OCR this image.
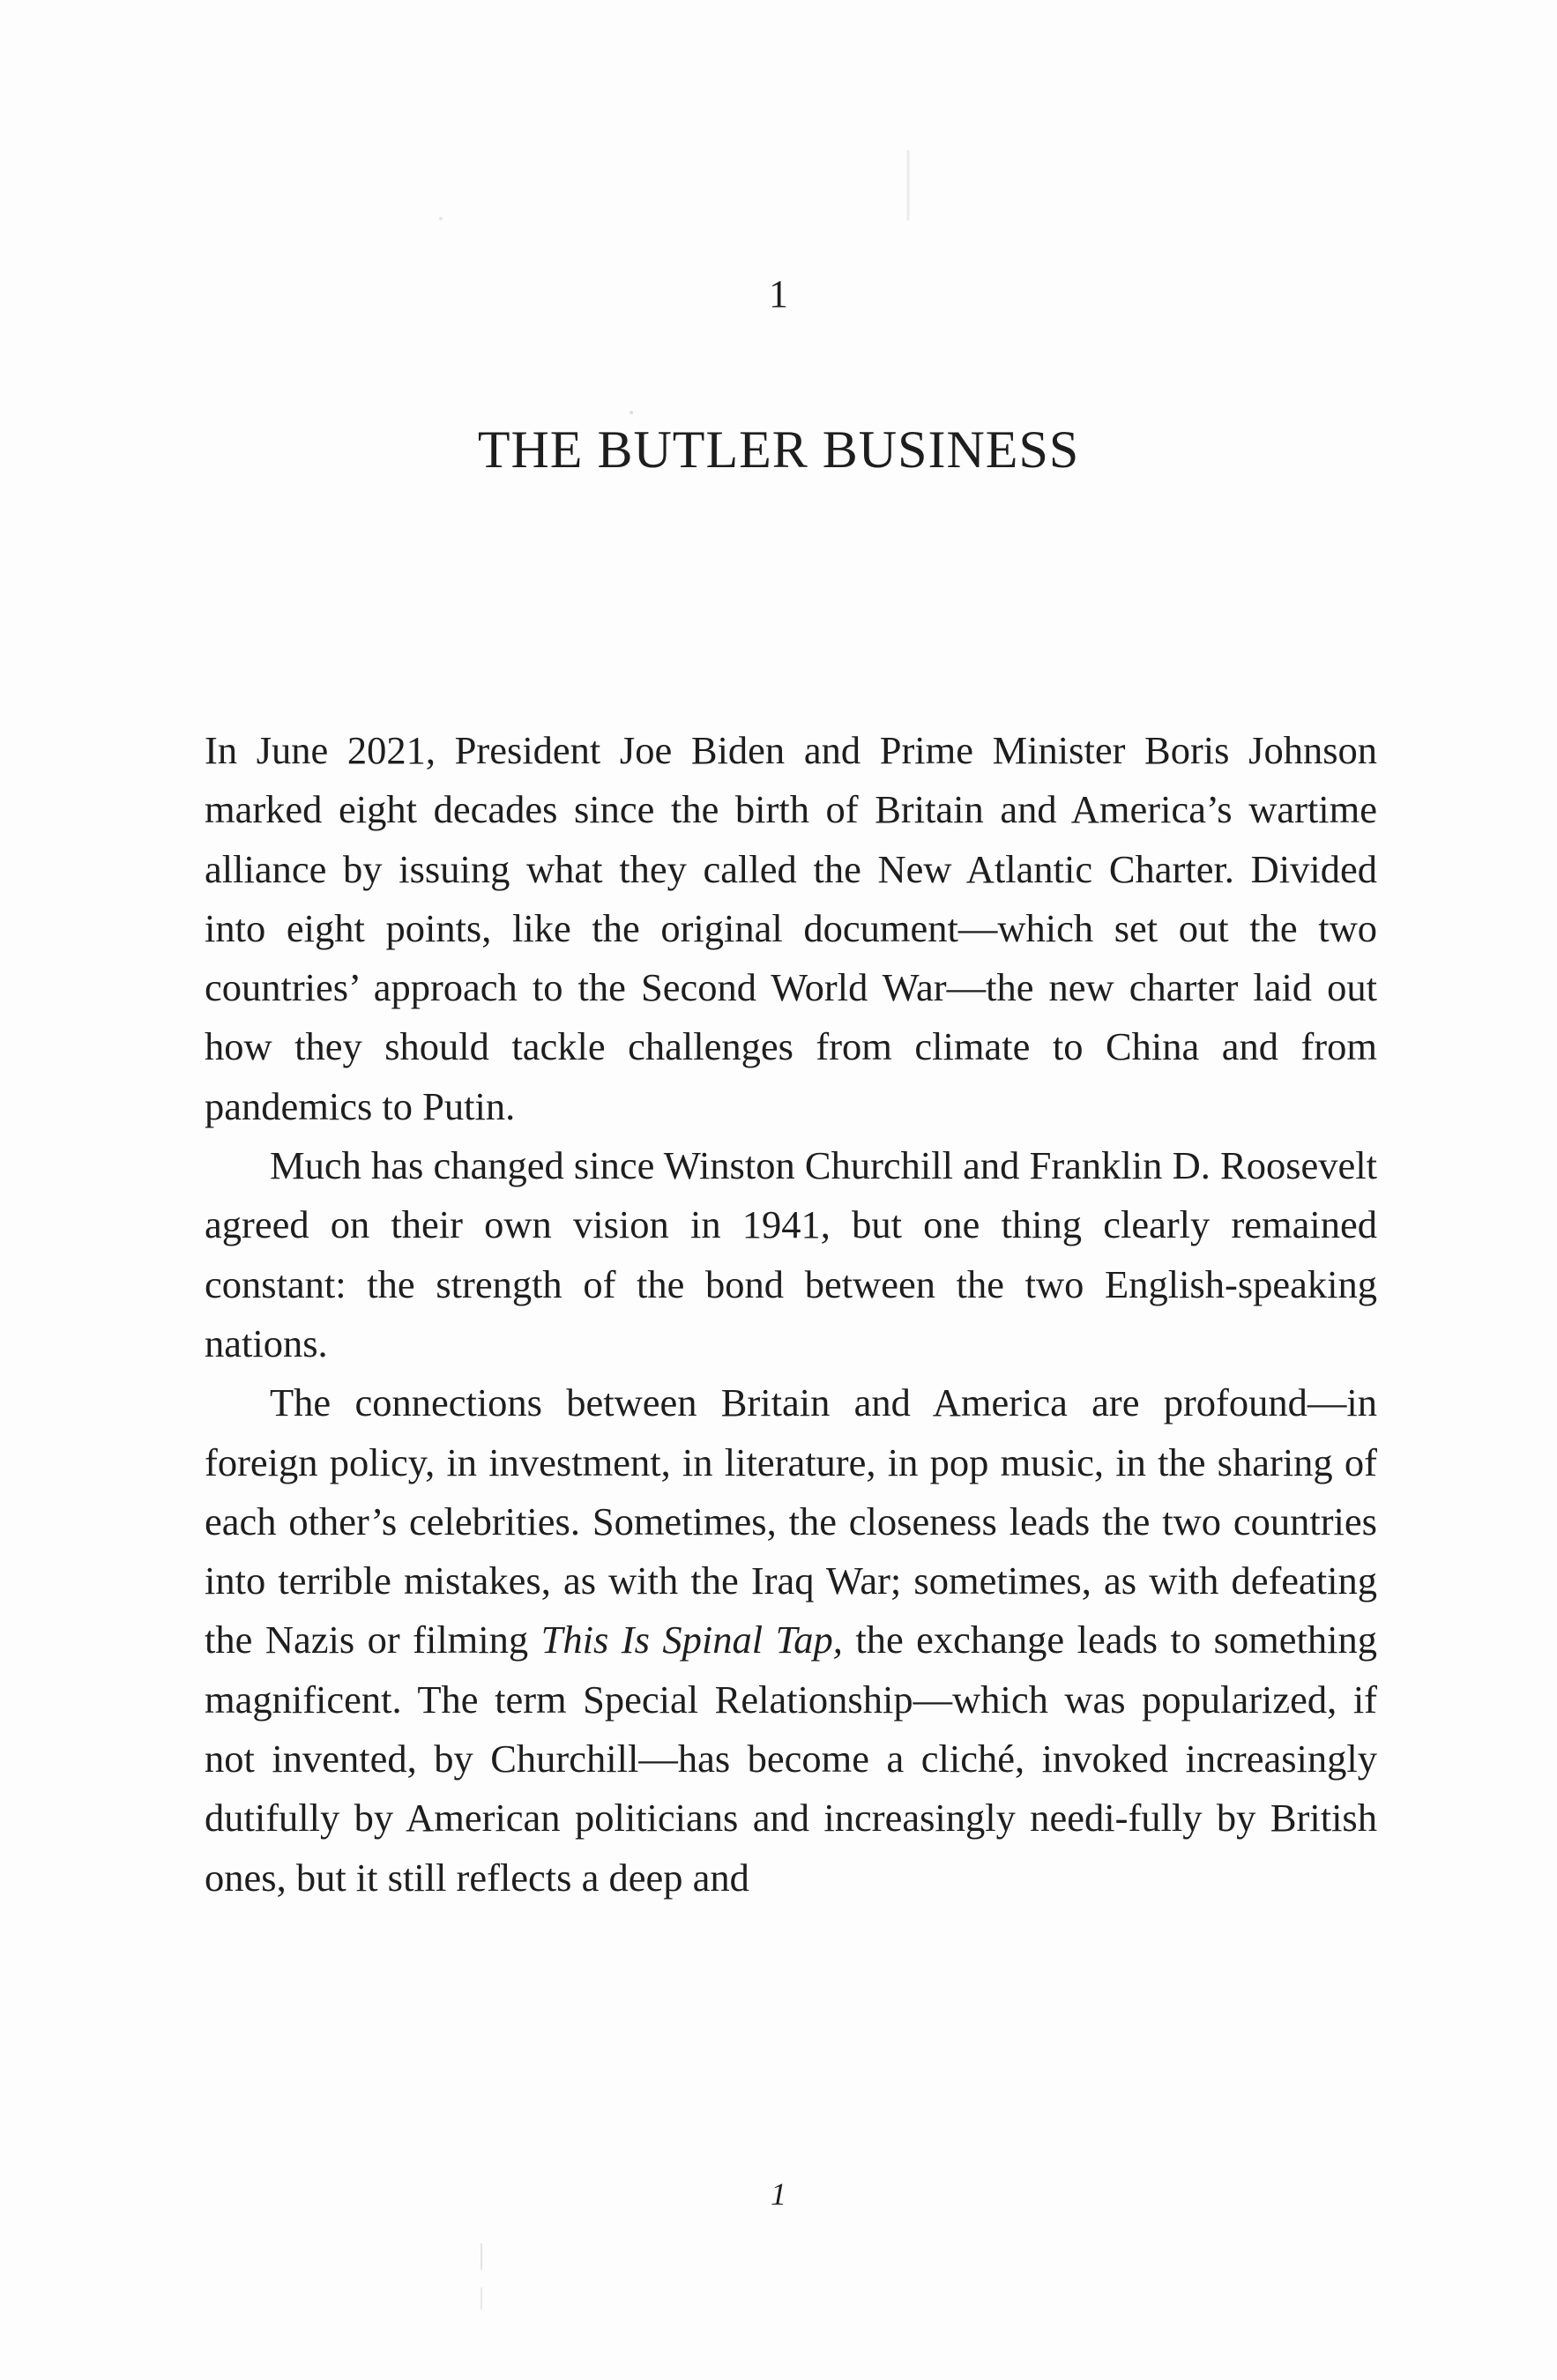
1
THE BUTLER BUSINESS

In June 2021, President Joe Biden and Prime Minister Boris Johnson marked eight decades since the birth of Britain and America’s wartime alliance by issuing what they called the New Atlantic Charter. Divided into eight points, like the original document—which set out the two countries’ approach to the Second World War—the new charter laid out how they should tackle challenges from climate to China and from pandemics to Putin.

Much has changed since Winston Churchill and Franklin D. Roosevelt agreed on their own vision in 1941, but one thing clearly remained constant: the strength of the bond between the two English-speaking nations.

The connections between Britain and America are profound—in foreign policy, in investment, in literature, in pop music, in the sharing of each other’s celebrities. Sometimes, the closeness leads the two countries into terrible mistakes, as with the Iraq War; sometimes, as with defeating the Nazis or filming This Is Spinal Tap, the exchange leads to something magnificent. The term Special Relationship—which was popularized, if not invented, by Churchill—has become a cliché, invoked increasingly dutifully by American politicians and increasingly needi-fully by British ones, but it still reflects a deep and

1
